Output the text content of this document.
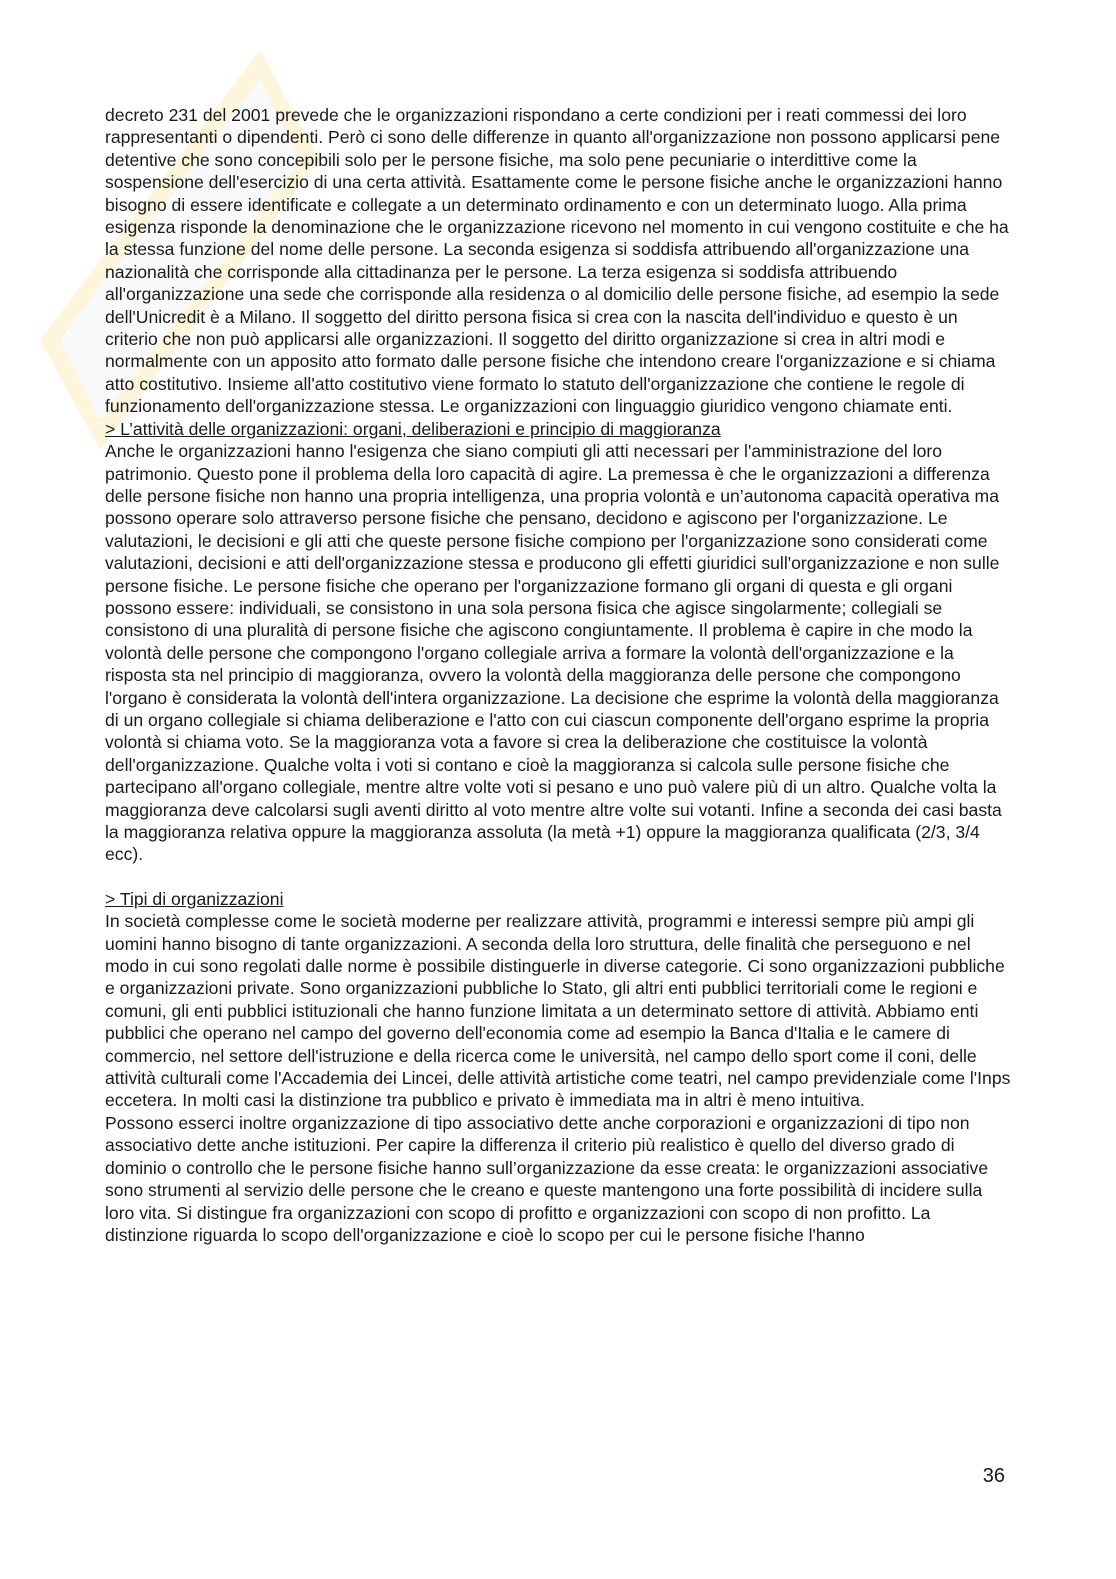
decreto 231 del 2001 prevede che le organizzazioni rispondano a certe condizioni per i reati commessi dei loro rappresentanti o dipendenti. Però ci sono delle differenze in quanto all'organizzazione non possono applicarsi pene detentive che sono concepibili solo per le persone fisiche, ma solo pene pecuniarie o interdittive come la sospensione dell'esercizio di una certa attività. Esattamente come le persone fisiche anche le organizzazioni hanno bisogno di essere identificate e collegate a un determinato ordinamento e con un determinato luogo. Alla prima esigenza risponde la denominazione che le organizzazione ricevono nel momento in cui vengono costituite e che ha la stessa funzione del nome delle persone. La seconda esigenza si soddisfa attribuendo all'organizzazione una nazionalità che corrisponde alla cittadinanza per le persone. La terza esigenza si soddisfa attribuendo all'organizzazione una sede che corrisponde alla residenza o al domicilio delle persone fisiche, ad esempio la sede dell'Unicredit è a Milano. Il soggetto del diritto persona fisica si crea con la nascita dell'individuo e questo è un criterio che non può applicarsi alle organizzazioni. Il soggetto del diritto organizzazione si crea in altri modi e normalmente con un apposito atto formato dalle persone fisiche che intendono creare l'organizzazione e si chiama atto costitutivo. Insieme all'atto costitutivo viene formato lo statuto dell'organizzazione che contiene le regole di funzionamento dell'organizzazione stessa. Le organizzazioni con linguaggio giuridico vengono chiamate enti.

> L’attività delle organizzazioni: organi, deliberazioni e principio di maggioranza

Anche le organizzazioni hanno l'esigenza che siano compiuti gli atti necessari per l'amministrazione del loro patrimonio. Questo pone il problema della loro capacità di agire. La premessa è che le organizzazioni a differenza delle persone fisiche non hanno una propria intelligenza, una propria volontà e un’autonoma capacità operativa ma possono operare solo attraverso persone fisiche che pensano, decidono e agiscono per l'organizzazione. Le valutazioni, le decisioni e gli atti che queste persone fisiche compiono per l'organizzazione sono considerati come valutazioni, decisioni e atti dell'organizzazione stessa e producono gli effetti giuridici sull'organizzazione e non sulle persone fisiche. Le persone fisiche che operano per l'organizzazione formano gli organi di questa e gli organi possono essere: individuali, se consistono in una sola persona fisica che agisce singolarmente; collegiali se consistono di una pluralità di persone fisiche che agiscono congiuntamente. Il problema è capire in che modo la volontà delle persone che compongono l'organo collegiale arriva a formare la volontà dell'organizzazione e la risposta sta nel principio di maggioranza, ovvero la volontà della maggioranza delle persone che compongono l'organo è considerata la volontà dell'intera organizzazione. La decisione che esprime la volontà della maggioranza di un organo collegiale si chiama deliberazione e l'atto con cui ciascun componente dell'organo esprime la propria volontà si chiama voto. Se la maggioranza vota a favore si crea la deliberazione che costituisce la volontà dell'organizzazione. Qualche volta i voti si contano e cioè la maggioranza si calcola sulle persone fisiche che partecipano all'organo collegiale, mentre altre volte voti si pesano e uno può valere più di un altro. Qualche volta la maggioranza deve calcolarsi sugli aventi diritto al voto mentre altre volte sui votanti. Infine a seconda dei casi basta la maggioranza relativa oppure la maggioranza assoluta (la metà +1) oppure la maggioranza qualificata (2/3, 3/4 ecc).

> Tipi di organizzazioni

In società complesse come le società moderne per realizzare attività, programmi e interessi sempre più ampi gli uomini hanno bisogno di tante organizzazioni. A seconda della loro struttura, delle finalità che perseguono e nel modo in cui sono regolati dalle norme è possibile distinguerle in diverse categorie. Ci sono organizzazioni pubbliche e organizzazioni private. Sono organizzazioni pubbliche lo Stato, gli altri enti pubblici territoriali come le regioni e comuni, gli enti pubblici istituzionali che hanno funzione limitata a un determinato settore di attività. Abbiamo enti pubblici che operano nel campo del governo dell'economia come ad esempio la Banca d'Italia e le camere di commercio, nel settore dell'istruzione e della ricerca come le università, nel campo dello sport come il coni, delle attività culturali come l'Accademia dei Lincei, delle attività artistiche come teatri, nel campo previdenziale come l'Inps eccetera. In molti casi la distinzione tra pubblico e privato è immediata ma in altri è meno intuitiva.

Possono esserci inoltre organizzazione di tipo associativo dette anche corporazioni e organizzazioni di tipo non associativo dette anche istituzioni. Per capire la differenza il criterio più realistico è quello del diverso grado di dominio o controllo che le persone fisiche hanno sull’organizzazione da esse creata: le organizzazioni associative sono strumenti al servizio delle persone che le creano e queste mantengono una forte possibilità di incidere sulla loro vita. Si distingue fra organizzazioni con scopo di profitto e organizzazioni con scopo di non profitto. La distinzione riguarda lo scopo dell'organizzazione e cioè lo scopo per cui le persone fisiche l'hanno

36
